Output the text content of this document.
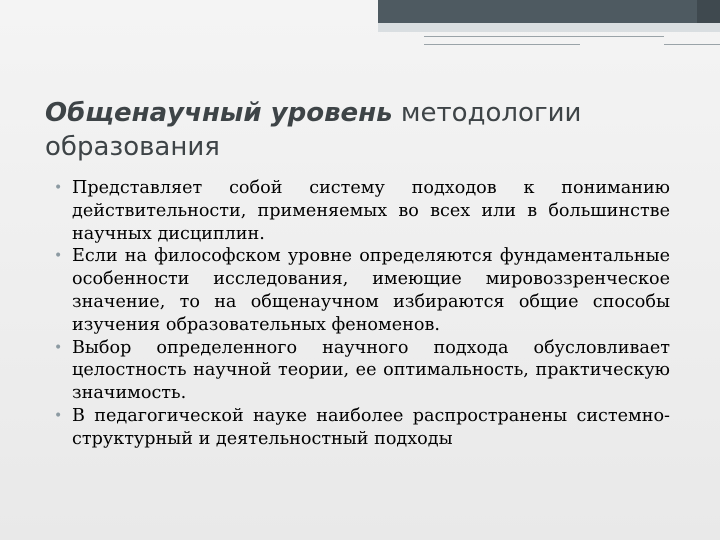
Общенаучный уровень методологии образования
• Представляет собой систему подходов к пониманию действительности, применяемых во всех или в большинстве научных дисциплин.
• Если на философском уровне определяются фундаментальные особенности исследования, имеющие мировоззренческое значение, то на общенаучном избираются общие способы изучения образовательных феноменов.
• Выбор определенного научного подхода обусловливает целостность научной теории, ее оптимальность, практическую значимость.
• В педагогической науке наиболее распространены системно-структурный и деятельностный подходы
